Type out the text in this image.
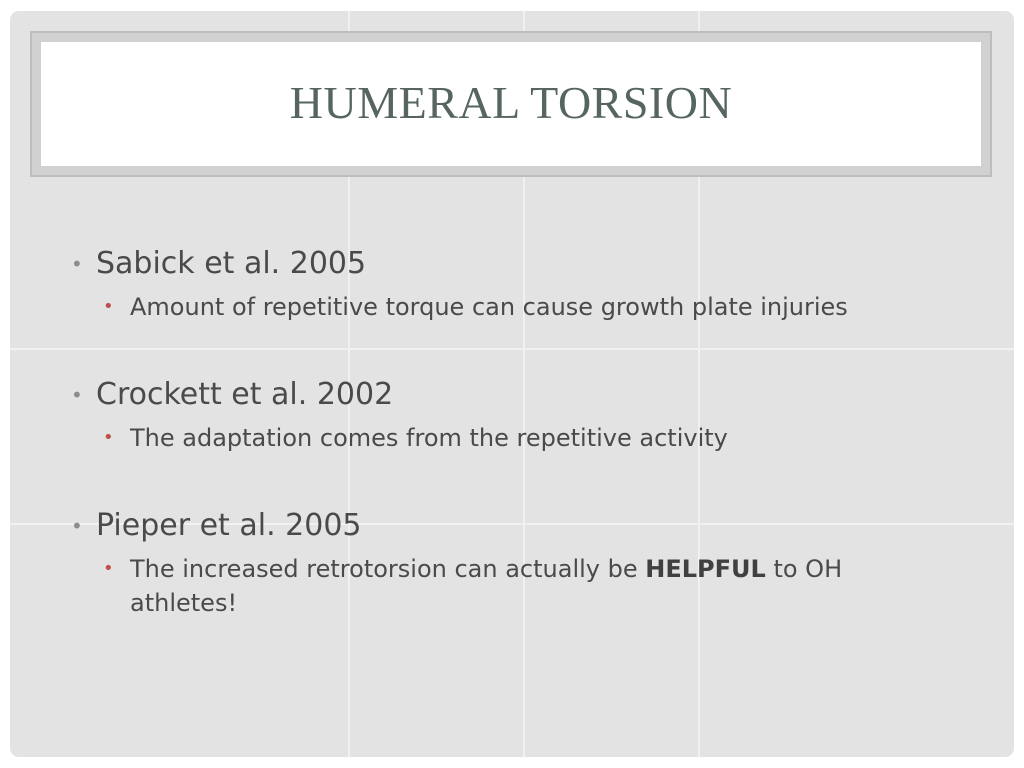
HUMERAL TORSION
• Sabick et al. 2005
• Amount of repetitive torque can cause growth plate injuries
• Crockett et al. 2002
• The adaptation comes from the repetitive activity
• Pieper et al. 2005
• The increased retrotorsion can actually be HELPFUL to OH athletes!
